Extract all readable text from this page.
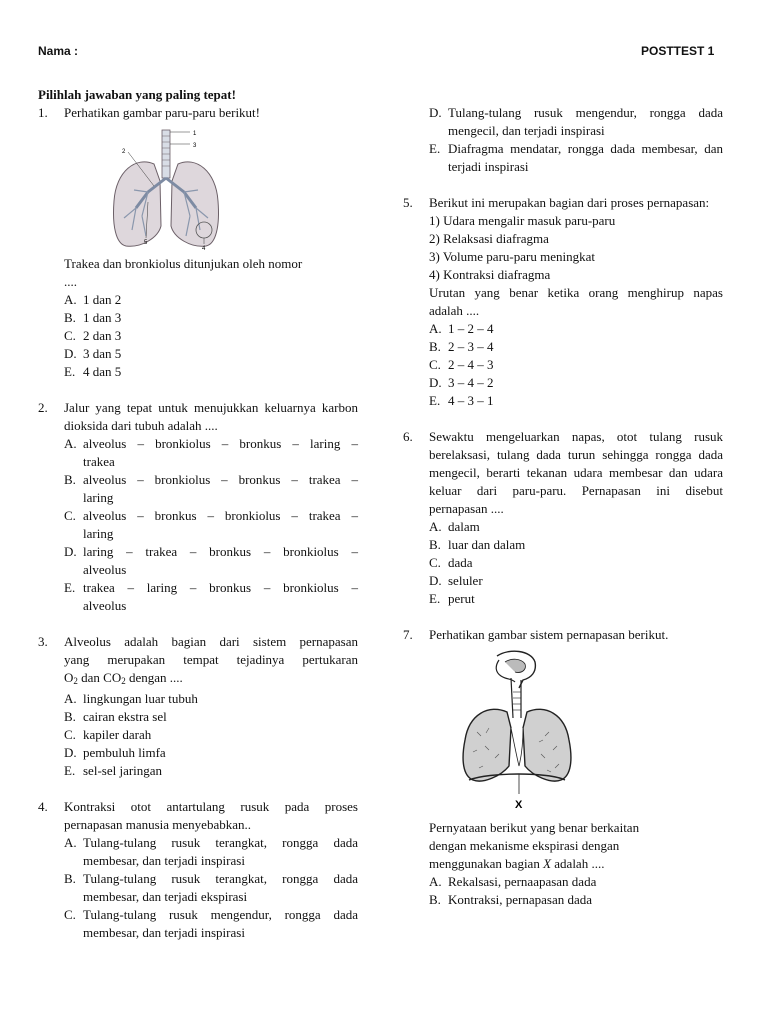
Nama :	POSTTEST 1
Pilihlah jawaban yang paling tepat!
1.	Perhatikan gambar paru-paru berikut!
1
3
2
4
5
Trakea dan bronkiolus ditunjukan oleh nomor
....
A. 1 dan 2
B. 1 dan 3
C. 2 dan 3
D. 3 dan 5
E. 4 dan 5
2.	Jalur yang tepat untuk menujukkan keluarnya karbon dioksida dari tubuh adalah ....
A. alveolus – bronkiolus – bronkus – laring –
trakea
B. alveolus – bronkiolus – bronkus – trakea –
laring
C. alveolus – bronkus – bronkiolus – trakea –
laring
D. laring – trakea – bronkus – bronkiolus –
alveolus
E. trakea – laring – bronkus – bronkiolus –
alveolus
3.	Alveolus adalah bagian dari sistem pernapasan
yang merupakan tempat tejadinya pertukaran
$O_2$ dan $CO_2$ dengan ....
A. lingkungan luar tubuh
B. cairan ekstra sel
C. kapiler darah
D. pembuluh limfa
E. sel-sel jaringan
4.	Kontraksi otot antartulang rusuk pada proses pernapasan manusia menyebabkan..
A. Tulang-tulang rusuk terangkat, rongga dada membesar, dan terjadi inspirasi
B. Tulang-tulang rusuk terangkat, rongga dada membesar, dan terjadi ekspirasi
C. Tulang-tulang rusuk mengendur, rongga dada membesar, dan terjadi inspirasi
D. Tulang-tulang rusuk mengendur, rongga dada mengecil, dan terjadi inspirasi
E. Diafragma mendatar, rongga dada membesar, dan terjadi inspirasi
5.	Berikut ini merupakan bagian dari proses pernapasan:
1) Udara mengalir masuk paru-paru
2) Relaksasi diafragma
3) Volume paru-paru meningkat
4) Kontraksi diafragma
Urutan yang benar ketika orang menghirup napas adalah ....
A. 1 – 2 – 4
B. 2 – 3 – 4
C. 2 – 4 – 3
D. 3 – 4 – 2
E. 4 – 3 – 1
6.	Sewaktu mengeluarkan napas, otot tulang rusuk berelaksasi, tulang dada turun sehingga rongga dada mengecil, berarti tekanan udara membesar dan udara keluar dari paru-paru. Pernapasan ini disebut pernapasan ....
A. dalam
B. luar dan dalam
C. dada
D. seluler
E. perut
7.	Perhatikan gambar sistem pernapasan berikut.
X
Pernyataan berikut yang benar berkaitan
dengan mekanisme ekspirasi dengan
menggunakan bagian X adalah ....
A. Rekalsasi, pernaapasan dada
B. Kontraksi, pernapasan dada
